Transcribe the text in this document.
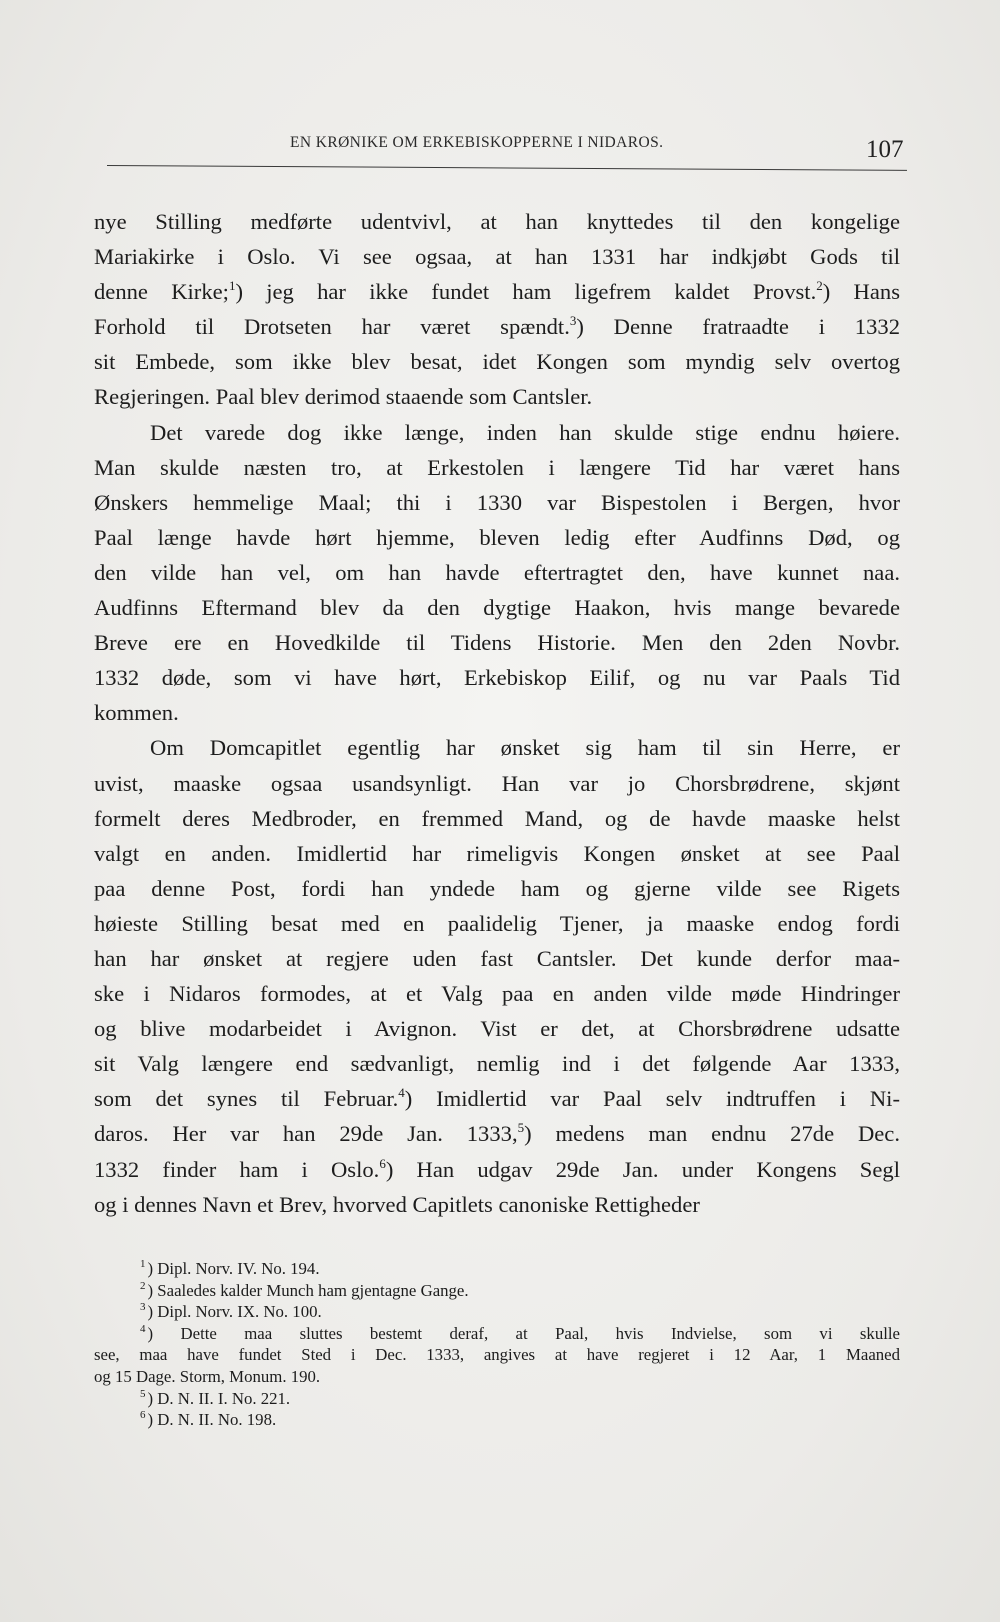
EN KRØNIKE OM ERKEBISKOPPERNE I NIDAROS.	107
nye Stilling medførte udentvivl, at han knyttedes til den kongelige
Mariakirke i Oslo. Vi see ogsaa, at han 1331 har indkjøbt Gods til
denne Kirke;$^1$) jeg har ikke fundet ham ligefrem kaldet Provst.$^2$) Hans
Forhold til Drotseten har været spændt.$^3$) Denne fratraadte i 1332
sit Embede, som ikke blev besat, idet Kongen som myndig selv overtog
Regjeringen. Paal blev derimod staaende som Cantsler.
Det varede dog ikke længe, inden han skulde stige endnu høiere.
Man skulde næsten tro, at Erkestolen i længere Tid har været hans
Ønskers hemmelige Maal; thi i 1330 var Bispestolen i Bergen, hvor
Paal længe havde hørt hjemme, bleven ledig efter Audfinns Død, og
den vilde han vel, om han havde eftertragtet den, have kunnet naa.
Audfinns Eftermand blev da den dygtige Haakon, hvis mange bevarede
Breve ere en Hovedkilde til Tidens Historie. Men den 2den Novbr.
1332 døde, som vi have hørt, Erkebiskop Eilif, og nu var Paals Tid
kommen.
Om Domcapitlet egentlig har ønsket sig ham til sin Herre, er
uvist, maaske ogsaa usandsynligt. Han var jo Chorsbrødrene, skjønt
formelt deres Medbroder, en fremmed Mand, og de havde maaske helst
valgt en anden. Imidlertid har rimeligvis Kongen ønsket at see Paal
paa denne Post, fordi han yndede ham og gjerne vilde see Rigets
høieste Stilling besat med en paalidelig Tjener, ja maaske endog fordi
han har ønsket at regjere uden fast Cantsler. Det kunde derfor maa-
ske i Nidaros formodes, at et Valg paa en anden vilde møde Hindringer
og blive modarbeidet i Avignon. Vist er det, at Chorsbrødrene udsatte
sit Valg længere end sædvanligt, nemlig ind i det følgende Aar 1333,
som det synes til Februar.$^4$) Imidlertid var Paal selv indtruffen i Ni-
daros. Her var han 29de Jan. 1333,$^5$) medens man endnu 27de Dec.
1332 finder ham i Oslo.$^6$) Han udgav 29de Jan. under Kongens Segl
og i dennes Navn et Brev, hvorved Capitlets canoniske Rettigheder
$^1$ ) Dipl. Norv. IV. No. 194.
$^2$ ) Saaledes kalder Munch ham gjentagne Gange.
$^3$ ) Dipl. Norv. IX. No. 100.
$^4$ ) Dette maa sluttes bestemt deraf, at Paal, hvis Indvielse, som vi skulle
see, maa have fundet Sted i Dec. 1333, angives at have regjeret i 12 Aar, 1 Maaned
og 15 Dage. Storm, Monum. 190.
$^5$ ) D. N. II. I. No. 221.
$^6$ ) D. N. II. No. 198.
